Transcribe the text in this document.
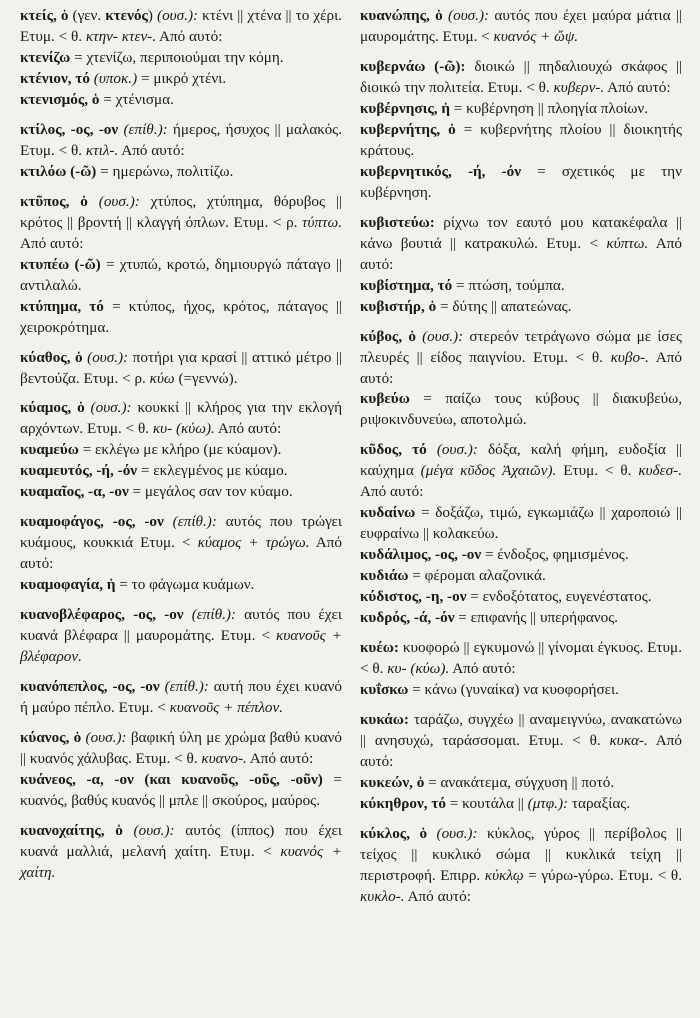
κτείς, ὁ (γεν. κτενός) (ουσ.): κτένι || χτένα || το χέρι. Ετυμ. < θ. κτην- κτεν-. Από αυτό:

κτενίζω = χτενίζω, περιποιούμαι την κόμη.

κτένιον, τό (υποκ.) = μικρό χτένι.

κτενισμός, ὁ = χτένισμα.

κτίλος, -ος, -ον (επίθ.): ήμερος, ήσυχος || μαλακός. Ετυμ. < θ. κτιλ-. Από αυτό:

κτιλόω (-ῶ) = ημερώνω, πολιτίζω.

κτῦπος, ὁ (ουσ.): χτύπος, χτύπημα, θόρυβος || κρότος || βροντή || κλαγγή όπλων. Ετυμ. < ρ. τύπτω. Από αυτό:

κτυπέω (-ῶ) = χτυπώ, κροτώ, δημιουργώ πάταγο || αντιλαλώ.

κτύπημα, τό = κτύπος, ήχος, κρότος, πάταγος || χειροκρότημα.

κύαθος, ὁ (ουσ.): ποτήρι για κρασί || αττικό μέτρο || βεντούζα. Ετυμ. < ρ. κύω (=γεννώ).

κύαμος, ὁ (ουσ.): κουκκί || κλήρος για την εκλογή αρχόντων. Ετυμ. < θ. κυ- (κύω). Από αυτό:

κυαμεύω = εκλέγω με κλήρο (με κύαμον).

κυαμευτός, -ή, -όν = εκλεγμένος με κύαμο.

κυαμαῖος, -α, -ον = μεγάλος σαν τον κύαμο.

κυαμοφάγος, -ος, -ον (επίθ.): αυτός που τρώγει κυάμους, κουκκιά Ετυμ. < κύαμος + τρώγω. Από αυτό:

κυαμοφαγία, ἡ = το φάγωμα κυάμων.

κυανοβλέφαρος, -ος, -ον (επίθ.): αυτός που έχει κυανά βλέφαρα || μαυρομάτης. Ετυμ. < κυανοῦς + βλέφαρον.

κυανόπεπλος, -ος, -ον (επίθ.): αυτή που έχει κυανό ή μαύρο πέπλο. Ετυμ. < κυανοῦς + πέπλον.

κύανος, ὁ (ουσ.): βαφική ύλη με χρώμα βαθύ κυανό || κυανός χάλυβας. Ετυμ. < θ. κυανο-. Από αυτό:

κυάνεος, -α, -ον (και κυανοῦς, -οῦς, -οῦν) = κυανός, βαθύς κυανός || μπλε || σκούρος, μαύρος.

κυανοχαίτης, ὁ (ουσ.): αυτός (ίππος) που έχει κυανά μαλλιά, μελανή χαίτη. Ετυμ. < κυανός + χαίτη.

κυανώπης, ὁ (ουσ.): αυτός που έχει μαύρα μάτια || μαυρομάτης. Ετυμ. < κυανός + ὤψ.

κυβερνάω (-ῶ): διοικώ || πηδαλιουχώ σκάφος || διοικώ την πολιτεία. Ετυμ. < θ. κυβερν-. Από αυτό:

κυβέρνησις, ἡ = κυβέρνηση || πλοηγία πλοίων.

κυβερνήτης, ὁ = κυβερνήτης πλοίου || διοικητής κράτους.

κυβερνητικός, -ή, -όν = σχετικός με την κυβέρνηση.

κυβιστεύω: ρίχνω τον εαυτό μου κατακέφαλα || κάνω βουτιά || κατρακυλώ. Ετυμ. < κύπτω. Από αυτό:

κυβίστημα, τό = πτώση, τούμπα.

κυβιστήρ, ὁ = δύτης || απατεώνας.

κύβος, ὁ (ουσ.): στερεόν τετράγωνο σώμα με ίσες πλευρές || είδος παιγνίου. Ετυμ. < θ. κυβο-. Από αυτό:

κυβεύω = παίζω τους κύβους || διακυβεύω, ριψοκινδυνεύω, αποτολμώ.

κῦδος, τό (ουσ.): δόξα, καλή φήμη, ευδοξία || καύχημα (μέγα κῦδος Ἀχαιῶν). Ετυμ. < θ. κυδεσ-. Από αυτό:

κυδαίνω = δοξάζω, τιμώ, εγκωμιάζω || χαροποιώ || ευφραίνω || κολακεύω.

κυδάλιμος, -ος, -ον = ένδοξος, φημισμένος.

κυδιάω = φέρομαι αλαζονικά.

κύδιστος, -η, -ον = ενδοξότατος, ευγενέστατος.

κυδρός, -ά, -όν = επιφανής || υπερήφανος.

κυέω: κυοφορώ || εγκυμονώ || γίνομαι έγκυος. Ετυμ. < θ. κυ- (κύω). Από αυτό:

κυΐσκω = κάνω (γυναίκα) να κυοφορήσει.

κυκάω: ταράζω, συγχέω || αναμειγνύω, ανακατώνω || ανησυχώ, ταράσσομαι. Ετυμ. < θ. κυκα-. Από αυτό:

κυκεών, ὁ = ανακάτεμα, σύγχυση || ποτό.

κύκηθρον, τό = κουτάλα || (μτφ.): ταραξίας.

κύκλος, ὁ (ουσ.): κύκλος, γύρος || περίβολος || τείχος || κυκλικό σώμα || κυκλικά τείχη || περιστροφή. Επιρρ. κύκλῳ = γύρω-γύρω. Ετυμ. < θ. κυκλο-. Από αυτό:
